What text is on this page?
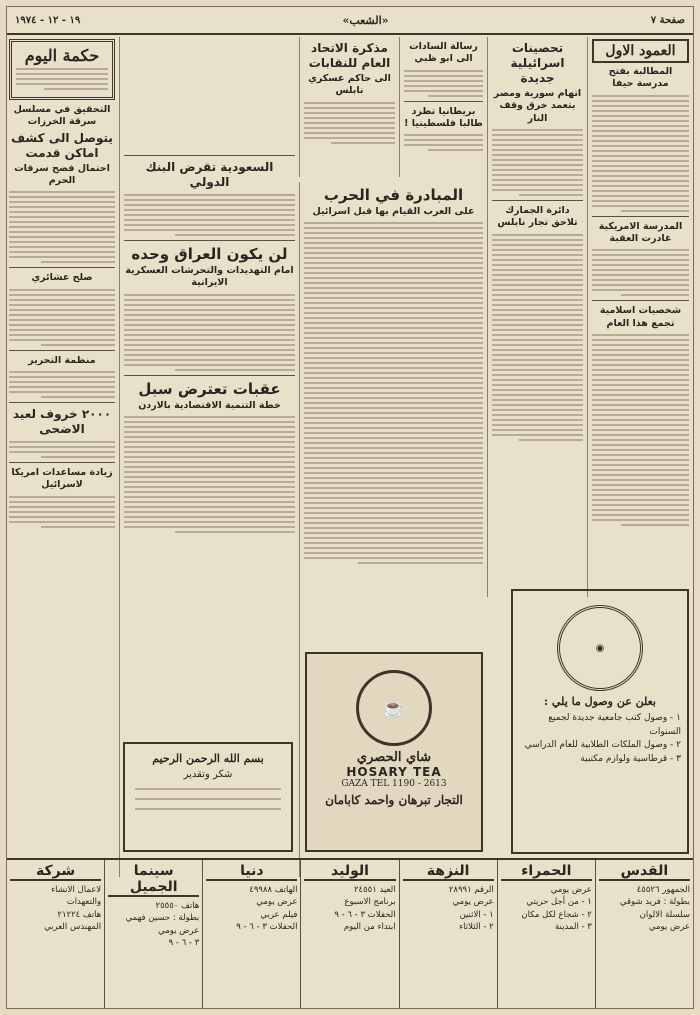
صفحة ٧
«الشعب»
١٩ - ١٢ - ١٩٧٤
العمود الاول
المطالبة بفتح مدرسة حيفا
المدرسة الامريكية غادرت العقبة
شخصيات اسلامية تجمع هذا العام
تحصينات اسرائيلية جديدة
اتهام سورية ومصر بتعمد خرق وقف النار
دائرة الجمارك تلاحق تجار نابلس
رسالة السادات الى ابو ظبي
بريطانيا تطرد طالبا فلسطينيا !
مذكرة الاتحاد العام للنقابات
الى حاكم عسكري نابلس
المبادرة في الحرب
على العرب القيام بها قبل اسرائيل
السعودية تقرض البنك الدولي
لن يكون العراق وحده
امام التهديدات والتحرشات العسكرية الايرانية
عقبات تعترض سبل
خطة التنمية الاقتصادية بالاردن
حكمة اليوم
التحقيق في مسلسل سرقة الخرزات
يتوصل الى كشف اماكن قدمت
احتمال فضح سرقات الحرم
صلح عشائري
منظمة التحرير
٢٠٠٠ خروف لعيد الاضحى
زيادة مساعدات امريكا لاسرائيل
◉
بعلن عن وصول ما يلي :
١ - وصول كتب جامعية جديدة لجميع السنوات
٢ - وصول الملكات الطلابية للعام الدراسي
٣ - قرطاسية ولوازم مكتبية
☕
شاي الحصري
HOSARY TEA
GAZA TEL 1190 - 2613
التجار تبرهان واحمد كابامان
بسم الله الرحمن الرحيم
شكر وتقدير
القدس
الجمهور ٤٥٥٢٦
بطولة : فريد شوقي
سلسلة الالوان
عرض يومي
الحمراء
عرض يومي
١ - من أجل حريتي
٢ - شجاع لكل مكان
٣ - المدينة
النزهة
الرقم ٢٨٩٩١
عرض يومي
١ - الاثنين
٢ - الثلاثاء
الوليد
العيد ٢٤٥٥١
برنامج الاسبوع
الحفلات ٣ - ٦ - ٩
ابتداء من اليوم
دنيا
الهاتف ٤٩٩٨٨
عرض يومي
فيلم عربي
الحفلات ٣ - ٦ - ٩
سينما الجميل
هاتف ٢٥٥٥٠
بطولة : حسين فهمي
عرض يومي
٣ - ٦ - ٩
شركة
لاعمال الانشاء
والتعهدات
هاتف ٢١٢٢٤
المهندس العربي
